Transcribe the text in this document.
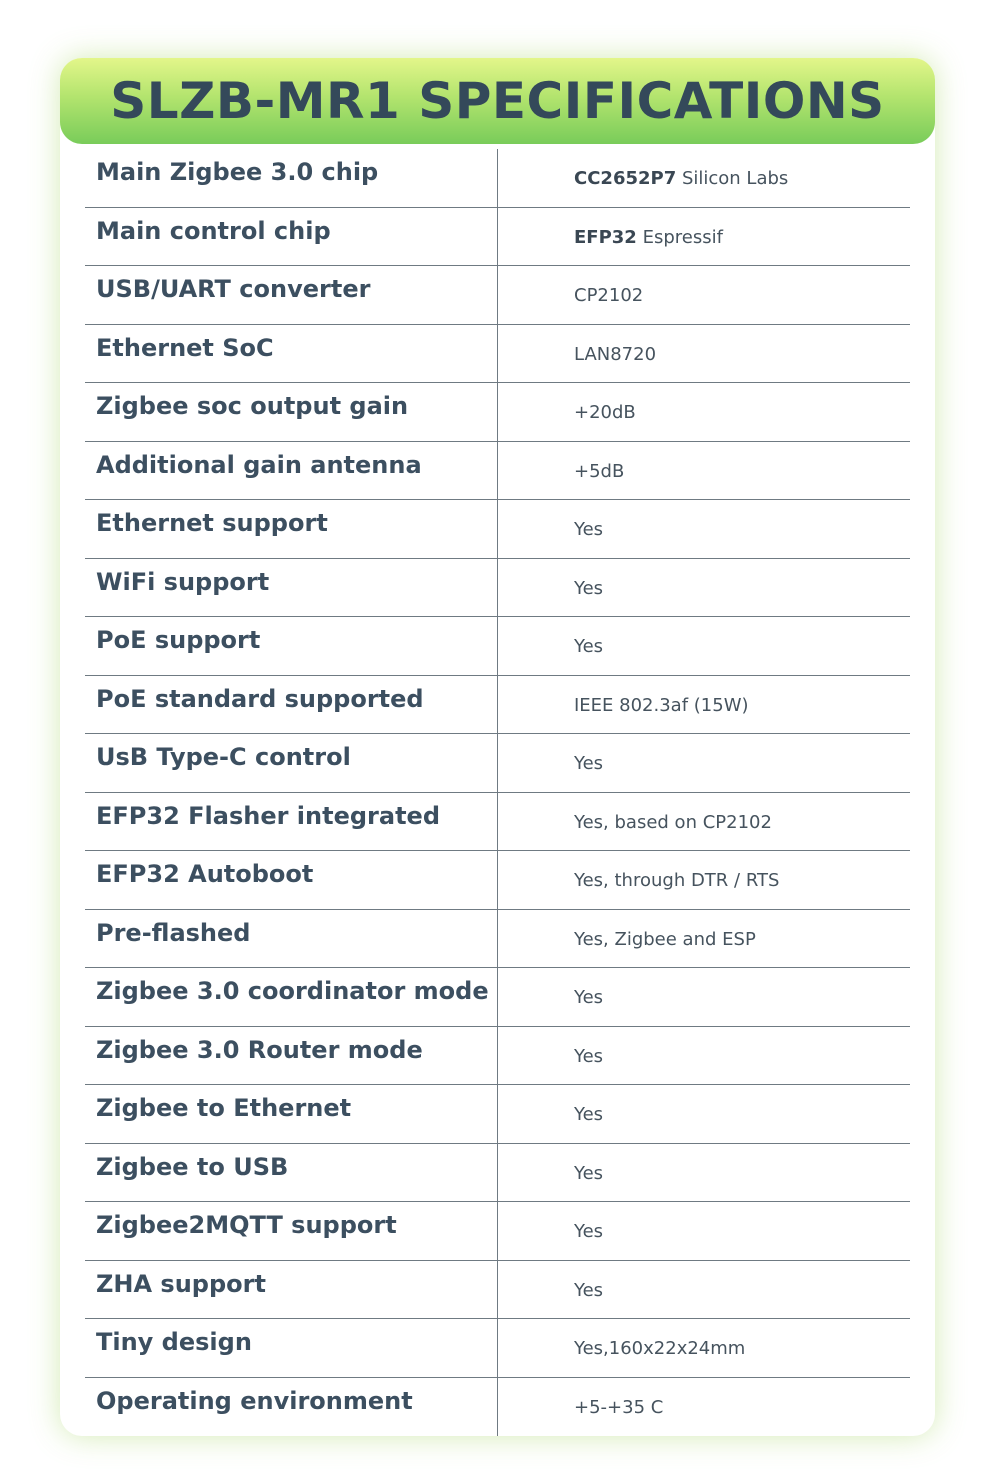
SLZB-MR1 SPECIFICATIONS
Main Zigbee 3.0 chip	CC2652P7 Silicon Labs
Main control chip	EFP32 Espressif
USB/UART converter	CP2102
Ethernet SoC	LAN8720
Zigbee soc output gain	+20dB
Additional gain antenna	+5dB
Ethernet support	Yes
WiFi support	Yes
PoE support	Yes
PoE standard supported	IEEE 802.3af (15W)
UsB Type-C control	Yes
EFP32 Flasher integrated	Yes, based on CP2102
EFP32 Autoboot	Yes, through DTR / RTS
Pre-flashed	Yes, Zigbee and ESP
Zigbee 3.0 coordinator mode	Yes
Zigbee 3.0 Router mode	Yes
Zigbee to Ethernet	Yes
Zigbee to USB	Yes
Zigbee2MQTT support	Yes
ZHA support	Yes
Tiny design	Yes,160x22x24mm
Operating environment	+5-+35 C
